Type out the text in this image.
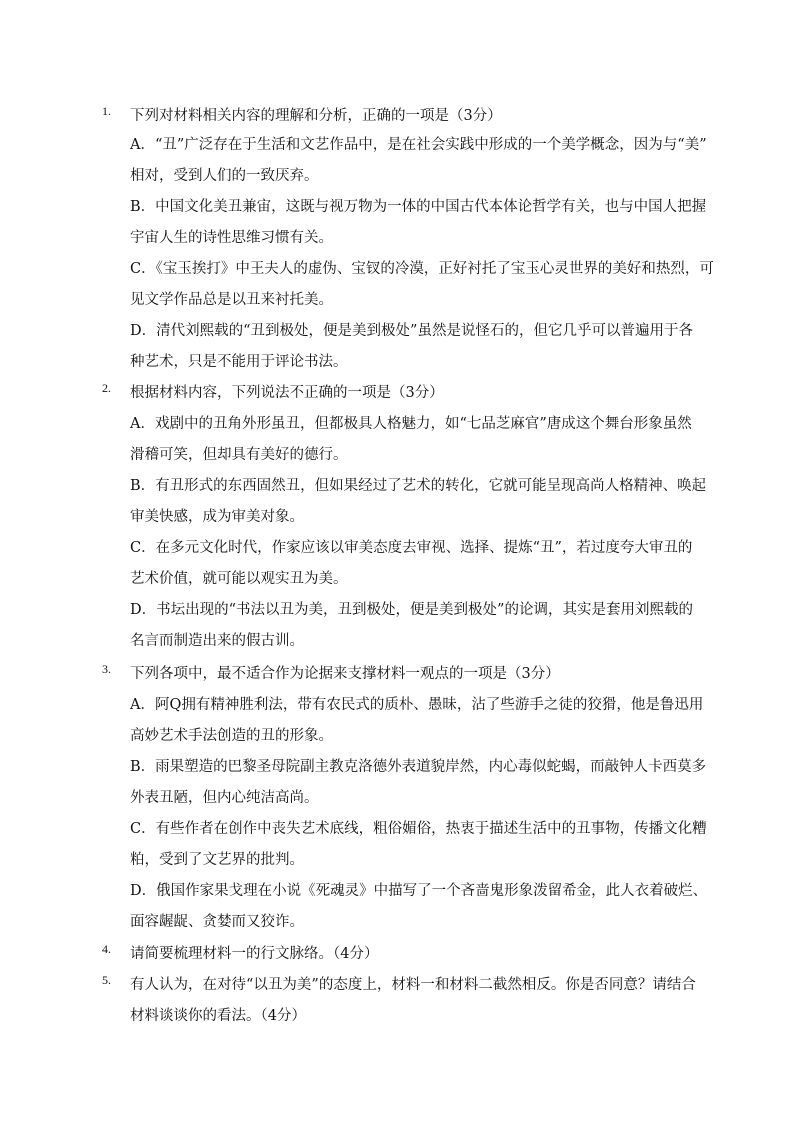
1. 下列对材料相关内容的理解和分析，正确的一项是（3分）
A．“丑”广泛存在于生活和文艺作品中，是在社会实践中形成的一个美学概念，因为与“美”
相对，受到人们的一致厌弃。
B．中国文化美丑兼宙，这既与视万物为一体的中国古代本体论哲学有关，也与中国人把握
宇宙人生的诗性思维习惯有关。
C．《宝玉挨打》中王夫人的虚伪、宝钗的冷漠，正好衬托了宝玉心灵世界的美好和热烈，可
见文学作品总是以丑来衬托美。
D．清代刘熙载的“丑到极处，便是美到极处”虽然是说怪石的，但它几乎可以普遍用于各
种艺术，只是不能用于评论书法。
2. 根据材料内容，下列说法不正确的一项是（3分）
A．戏剧中的丑角外形虽丑，但都极具人格魅力，如“七品芝麻官”唐成这个舞台形象虽然
滑稽可笑，但却具有美好的德行。
B．有丑形式的东西固然丑，但如果经过了艺术的转化，它就可能呈现高尚人格精神、唤起
审美快感，成为审美对象。
C．在多元文化时代，作家应该以审美态度去审视、选择、提炼“丑”，若过度夸大审丑的
艺术价值，就可能以观实丑为美。
D．书坛出现的“书法以丑为美，丑到极处，便是美到极处”的论调，其实是套用刘熙载的
名言而制造出来的假古训。
3. 下列各项中，最不适合作为论据来支撑材料一观点的一项是（3分）
A．阿Q拥有精神胜利法，带有农民式的质朴、愚昧，沾了些游手之徒的狡猾，他是鲁迅用
高妙艺术手法创造的丑的形象。
B．雨果塑造的巴黎圣母院副主教克洛德外表道貌岸然，内心毒似蛇蝎，而敲钟人卡西莫多
外表丑陋，但内心纯洁高尚。
C．有些作者在创作中丧失艺术底线，粗俗媚俗，热衷于描述生活中的丑事物，传播文化糟
粕，受到了文艺界的批判。
D．俄国作家果戈理在小说《死魂灵》中描写了一个吝啬鬼形象泼留希金，此人衣着破烂、
面容龌龊、贪婪而又狡诈。
4. 请简要梳理材料一的行文脉络。（4分）
5. 有人认为，在对待“以丑为美”的态度上，材料一和材料二截然相反。你是否同意？请结合
材料谈谈你的看法。（4分）
